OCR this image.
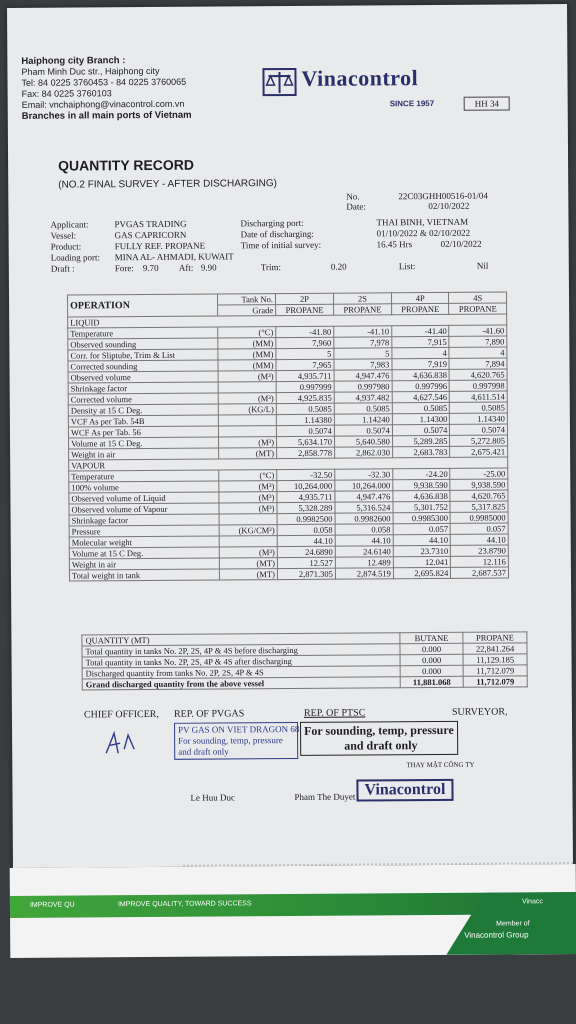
Haiphong city Branch :
Pham Minh Duc str., Haiphong city
Tel: 84 0225 3760453 - 84 0225 3760065
Fax: 84 0225 3760103
Email: vnchaiphong@vinacontrol.com.vn
Branches in all main ports of Vietnam
Vinacontrol
SINCE 1957	HH 34
QUANTITY RECORD
(NO.2 FINAL SURVEY - AFTER DISCHARGING)
No.	22C03GHH00516-01/04
Date:	02/10/2022
Applicant:	PVGAS TRADING
Vessel:	GAS CAPRICORN
Product:	FULLY REF. PROPANE
Loading port: MINA AL- AHMADI, KUWAIT
Draft :	Fore: 9.70 Aft: 9.90	Trim:	0.20	List:	Nil
Discharging port:	THAI BINH, VIETNAM
Date of discharging:	01/10/2022 & 02/10/2022
Time of initial survey:	16.45 Hrs	02/10/2022
OPERATION	Tank No.	2P	2S	4P	4S
	Grade	PROPANE	PROPANE	PROPANE	PROPANE
LIQUID					
Temperature	(°C)	-41.80	-41.10	-41.40	-41.60
Observed sounding	(MM)	7,960	7,978	7,915	7,890
Corr. for Sliptube, Trim & List	(MM)	5	5	4	4
Corrected sounding	(MM)	7,965	7,983	7,919	7,894
Observed volume	(M³)	4,935.711	4,947.476	4,636.838	4,620.765
Shrinkage factor		0.997999	0.997980	0.997996	0.997998
Corrected volume	(M³)	4,925.835	4,937.482	4,627.546	4,611.514
Density at 15 C Deg.	(KG/L)	0.5085	0.5085	0.5085	0.5085
VCF As per Tab. 54B		1.14380	1.14240	1.14300	1.14340
WCF As per Tab. 56		0.5074	0.5074	0.5074	0.5074
Volume at 15 C Deg.	(M³)	5,634.170	5,640.580	5,289.285	5,272.805
Weight in air	(MT)	2,858.778	2,862.030	2,683.783	2,675.421
VAPOUR					
Temperature	(°C)	-32.50	-32.30	-24.20	-25.00
100% volume	(M³)	10,264.000	10,264.000	9,938.590	9,938.590
Observed volume of Liquid	(M³)	4,935.711	4,947.476	4,636.838	4,620.765
Observed volume of Vapour	(M³)	5,328.289	5,316.524	5,301.752	5,317.825
Shrinkage factor		0.9982500	0.9982600	0.9985300	0.9985000
Pressure	(KG/CM²)	0.058	0.058	0.057	0.057
Molecular weight		44.10	44.10	44.10	44.10
Volume at 15 C Deg.	(M³)	24.6890	24.6140	23.7310	23.8790
Weight in air	(MT)	12.527	12.489	12.041	12.116
Total weight in tank	(MT)	2,871.305	2,874.519	2,695.824	2,687.537
QUANTITY (MT)	BUTANE	PROPANE
Total quantity in tanks No. 2P, 2S, 4P & 4S before discharging	0.000	22,841.264
Total quantity in tanks No. 2P, 2S, 4P & 4S after discharging	0.000	11,129.185
Discharged quantity from tanks No. 2P, 2S, 4P & 4S	0.000	11,712.079
Grand discharged quantity from the above vessel	11,881.068	11,712.079
CHIEF OFFICER, REP. OF PVGAS	REP. OF PTSC	SURVEYOR,
PV GAS ON VIET DRAGON 68
For sounding, temp, pressure
and draft only
For sounding, temp, pressure
and draft only
THAY MẶT CÔNG TY
Le Huu Duc	Pham The Duyet Vinacontrol
IMPROVE QU	IMPROVE QUALITY, TOWARD SUCCESS	Vinacc
Member of
Vinacontrol Group
